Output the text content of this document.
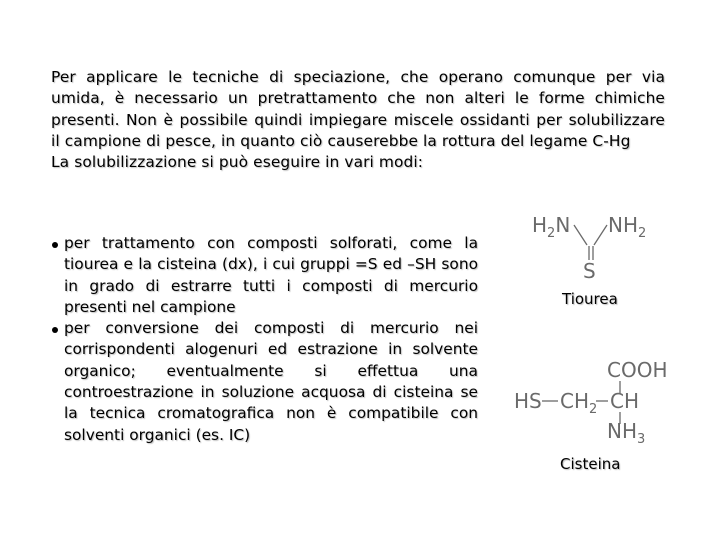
Per applicare le tecniche di speciazione, che operano comunque per via umida, è necessario un pretrattamento che non alteri le forme chimiche presenti. Non è possibile quindi impiegare miscele ossidanti per solubilizzare il campione di pesce, in quanto ciò causerebbe la rottura del legame C-Hg

La solubilizzazione si può eseguire in vari modi:

per trattamento con composti solforati, come la tiourea e la cisteina (dx), i cui gruppi =S ed –SH sono in grado di estrarre tutti i composti di mercurio presenti nel campione
per conversione dei composti di mercurio nei corrispondenti alogenuri ed estrazione in solvente organico; eventualmente si effettua una controestrazione in soluzione acquosa di cisteina se la tecnica cromatografica non è compatibile con solventi organici (es. IC)
$H_2N$ $NH_2$
S
Tiourea
COOH
HS $CH_2$ CH
$NH_3$
Cisteina
